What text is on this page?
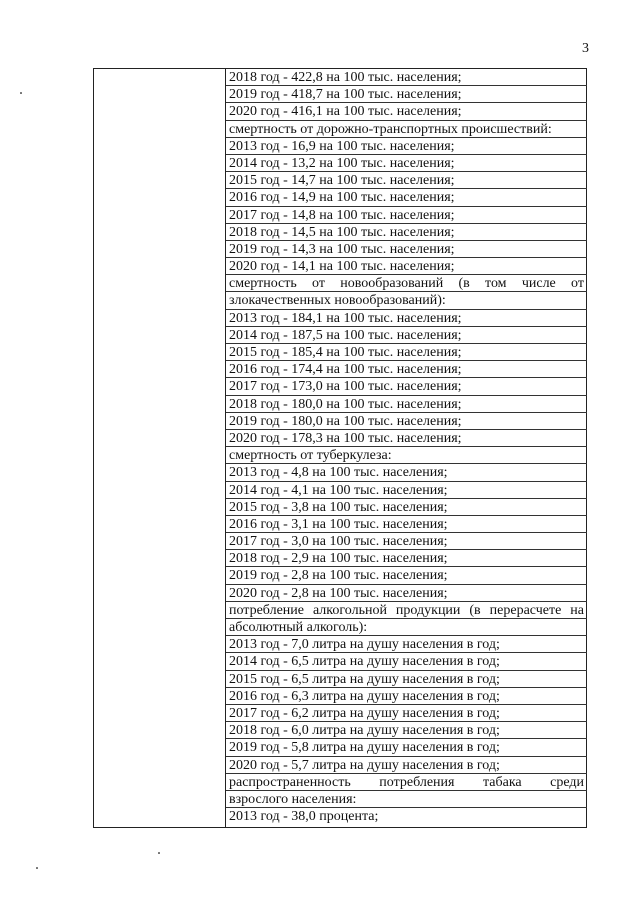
3
2018 год - 422,8 на 100 тыс. населения;
2019 год - 418,7 на 100 тыс. населения;
2020 год - 416,1 на 100 тыс. населения;
смертность от дорожно-транспортных происшествий:
2013 год - 16,9 на 100 тыс. населения;
2014 год - 13,2 на 100 тыс. населения;
2015 год - 14,7 на 100 тыс. населения;
2016 год - 14,9 на 100 тыс. населения;
2017 год - 14,8 на 100 тыс. населения;
2018 год - 14,5 на 100 тыс. населения;
2019 год - 14,3 на 100 тыс. населения;
2020 год - 14,1 на 100 тыс. населения;
смертность от новообразований (в том числе от
злокачественных новообразований):
2013 год - 184,1 на 100 тыс. населения;
2014 год - 187,5 на 100 тыс. населения;
2015 год - 185,4 на 100 тыс. населения;
2016 год - 174,4 на 100 тыс. населения;
2017 год - 173,0 на 100 тыс. населения;
2018 год - 180,0 на 100 тыс. населения;
2019 год - 180,0 на 100 тыс. населения;
2020 год - 178,3 на 100 тыс. населения;
смертность от туберкулеза:
2013 год - 4,8 на 100 тыс. населения;
2014 год - 4,1 на 100 тыс. населения;
2015 год - 3,8 на 100 тыс. населения;
2016 год - 3,1 на 100 тыс. населения;
2017 год - 3,0 на 100 тыс. населения;
2018 год - 2,9 на 100 тыс. населения;
2019 год - 2,8 на 100 тыс. населения;
2020 год - 2,8 на 100 тыс. населения;
потребление алкогольной продукции (в перерасчете на
абсолютный алкоголь):
2013 год - 7,0 литра на душу населения в год;
2014 год - 6,5 литра на душу населения в год;
2015 год - 6,5 литра на душу населения в год;
2016 год - 6,3 литра на душу населения в год;
2017 год - 6,2 литра на душу населения в год;
2018 год - 6,0 литра на душу населения в год;
2019 год - 5,8 литра на душу населения в год;
2020 год - 5,7 литра на душу населения в год;
распространенность потребления табака среди
взрослого населения:
2013 год - 38,0 процента;
